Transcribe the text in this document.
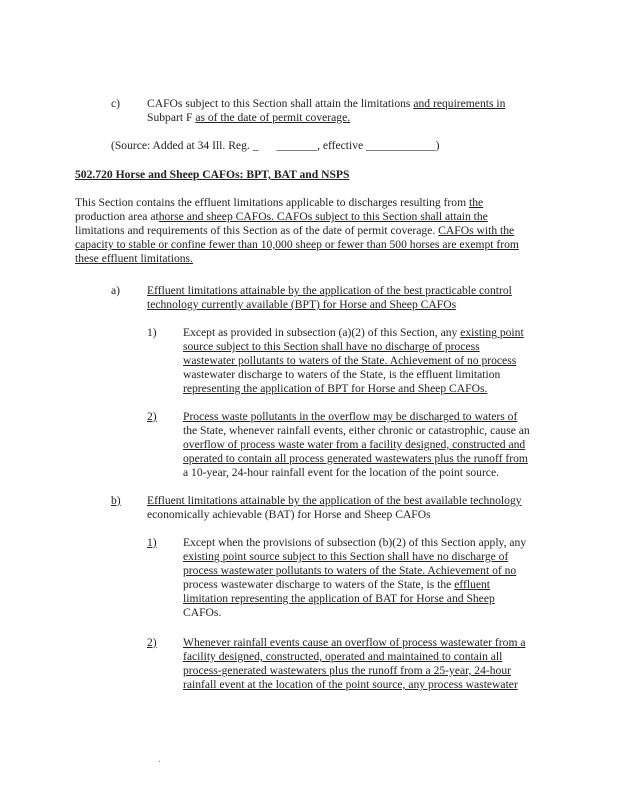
c) CAFOs subject to this Section shall attain the limitations and requirements in
Subpart F as of the date of permit coverage.
(Source: Added at 34 Ill. Reg. _ _______, effective ____________)
502.720 Horse and Sheep CAFOs: BPT, BAT and NSPS
This Section contains the effluent limitations applicable to discharges resulting from the
production area athorse and sheep CAFOs. CAFOs subject to this Section shall attain the
limitations and requirements of this Section as of the date of permit coverage. CAFOs with the
capacity to stable or confine fewer than 10,000 sheep or fewer than 500 horses are exempt from
these effluent limitations.
a) Effluent limitations attainable by the application of the best practicable control
technology currently available (BPT) for Horse and Sheep CAFOs
1) Except as provided in subsection (a)(2) of this Section, any existing point
source subject to this Section shall have no discharge of process
wastewater pollutants to waters of the State. Achievement of no process
wastewater discharge to waters of the State, is the effluent limitation
representing the application of BPT for Horse and Sheep CAFOs.
2) Process waste pollutants in the overflow may be discharged to waters of
the State, whenever rainfall events, either chronic or catastrophic, cause an
overflow of process waste water from a facility designed, constructed and
operated to contain all process generated wastewaters plus the runoff from
a 10-year, 24-hour rainfall event for the location of the point source.
b) Effluent limitations attainable by the application of the best available technology
economically achievable (BAT) for Horse and Sheep CAFOs
1) Except when the provisions of subsection (b)(2) of this Section apply, any
existing point source subject to this Section shall have no discharge of
process wastewater pollutants to waters of the State. Achievement of no
process wastewater discharge to waters of the State, is the effluent
limitation representing the application of BAT for Horse and Sheep
CAFOs.
2) Whenever rainfall events cause an overflow of process wastewater from a
facility designed, constructed, operated and maintained to contain all
process-generated wastewaters plus the runoff from a 25-year, 24-hour
rainfall event at the location of the point source, any process wastewater
.
